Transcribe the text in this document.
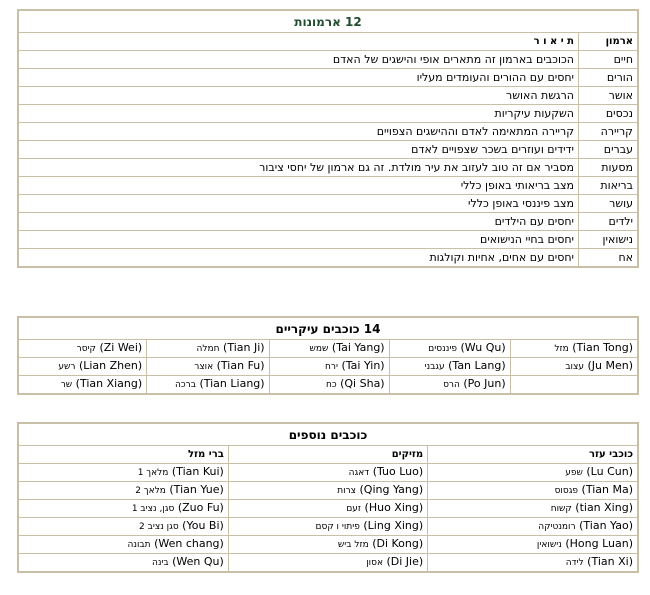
12 ארמונות	
ארמון	ת י א ו ר
חיים	הכוכבים בארמון זה מתארים אופי והישגים של האדם
הורים	יחסים עם ההורים והעומדים מעליו
אושר	הרגשת האושר
נכסים	השקעות עיקריות
קריירה	קריירה המתאימה לאדם וההישגים הצפויים
עברים	ידידים ועוזרים בשכר שצפויים לאדם
מסעות	מסביר אם זה טוב לעזוב את עיר מולדת. זה גם ארמון של יחסי ציבור
בריאות	מצב בריאותי באופן כללי
עושר	מצב פיננסי באופן כללי
ילדים	יחסים עם הילדים
נישואין	יחסים בחיי הנישואים
אח	יחסים עם אחים, אחיות וקולגות
14 כוכבים עיקריים				
קיסר (Zi Wei)	חמלה (Tian Ji)	שמש (Tai Yang)	פיננסים (Wu Qu)	מזל (Tian Tong)
רשע (Lian Zhen)	אוצר (Tian Fu)	ירח (Tai Yin)	עגבני (Tan Lang)	עצוב (Ju Men)
שר (Tian Xiang)	ברכה (Tian Liang)	כח (Qi Sha)	הרס (Po Jun)	
כוכבים נוספים		
ברי מזל	מזיקים	כוכבי עזר
מלאך 1 (Tian Kui)	דאגה (Tuo Luo)	שפע (Lu Cun)
מלאך 2 (Tian Yue)	צרות (Qing Yang)	פגסוס (Tian Ma)
סגן, נציב 1 (Zuo Fu)	זעם (Huo Xing)	קשוח (tian Xing)
סגן נציב 2 (You Bi)	פיתוי ו קסם (Ling Xing)	רומנטיקה (Tian Yao)
תבונה (Wen chang)	מזל ביש (Di Kong)	נישואין (Hong Luan)
בינה (Wen Qu)	אסון (Di Jie)	לידה (Tian Xi)
